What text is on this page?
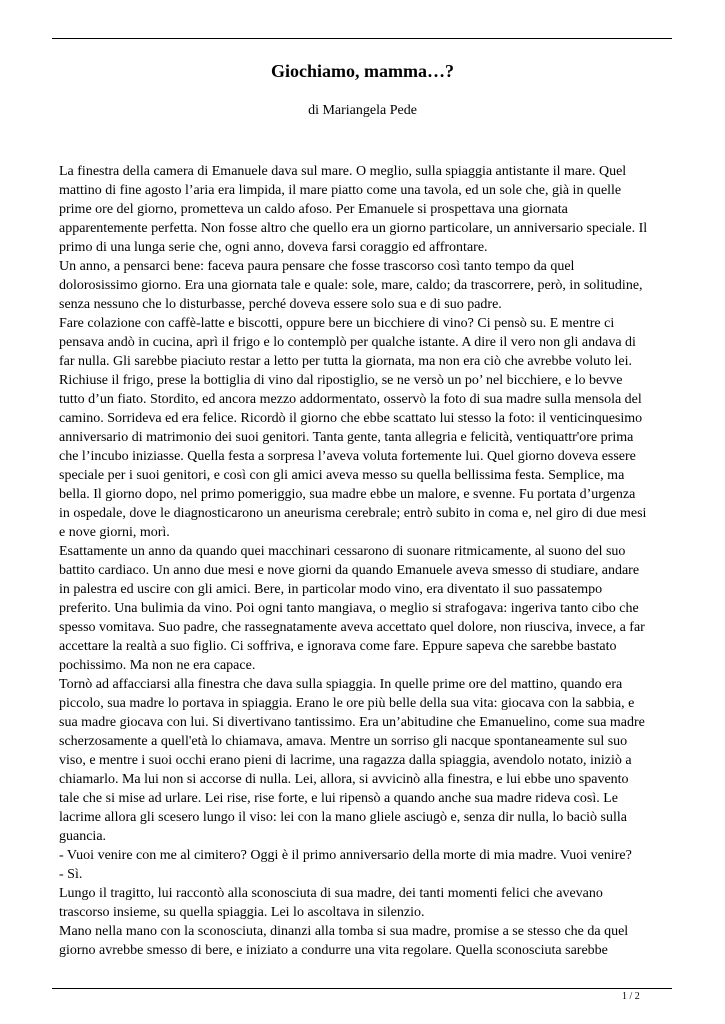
Giochiamo, mamma…?

di Mariangela Pede

La finestra della camera di Emanuele dava sul mare. O meglio, sulla spiaggia antistante il mare. Quel
mattino di fine agosto l’aria era limpida, il mare piatto come una tavola, ed un sole che, già in quelle
prime ore del giorno, prometteva un caldo afoso. Per Emanuele si prospettava una giornata
apparentemente perfetta. Non fosse altro che quello era un giorno particolare, un anniversario speciale. Il
primo di una lunga serie che, ogni anno, doveva farsi coraggio ed affrontare.
Un anno, a pensarci bene: faceva paura pensare che fosse trascorso così tanto tempo da quel
dolorosissimo giorno. Era una giornata tale e quale: sole, mare, caldo; da trascorrere, però, in solitudine,
senza nessuno che lo disturbasse, perché doveva essere solo sua e di suo padre.
Fare colazione con caffè-latte e biscotti, oppure bere un bicchiere di vino? Ci pensò su. E mentre ci
pensava andò in cucina, aprì il frigo e lo contemplò per qualche istante. A dire il vero non gli andava di
far nulla. Gli sarebbe piaciuto restar a letto per tutta la giornata, ma non era ciò che avrebbe voluto lei.
Richiuse il frigo, prese la bottiglia di vino dal ripostiglio, se ne versò un po’ nel bicchiere, e lo bevve
tutto d’un fiato. Stordito, ed ancora mezzo addormentato, osservò la foto di sua madre sulla mensola del
camino. Sorrideva ed era felice. Ricordò il giorno che ebbe scattato lui stesso la foto: il venticinquesimo
anniversario di matrimonio dei suoi genitori. Tanta gente, tanta allegria e felicità, ventiquattr'ore prima
che l’incubo iniziasse. Quella festa a sorpresa l’aveva voluta fortemente lui. Quel giorno doveva essere
speciale per i suoi genitori, e così con gli amici aveva messo su quella bellissima festa. Semplice, ma
bella. Il giorno dopo, nel primo pomeriggio, sua madre ebbe un malore, e svenne. Fu portata d’urgenza
in ospedale, dove le diagnosticarono un aneurisma cerebrale; entrò subito in coma e, nel giro di due mesi
e nove giorni, morì.
Esattamente un anno da quando quei macchinari cessarono di suonare ritmicamente, al suono del suo
battito cardiaco. Un anno due mesi e nove giorni da quando Emanuele aveva smesso di studiare, andare
in palestra ed uscire con gli amici. Bere, in particolar modo vino, era diventato il suo passatempo
preferito. Una bulimia da vino. Poi ogni tanto mangiava, o meglio si strafogava: ingeriva tanto cibo che
spesso vomitava. Suo padre, che rassegnatamente aveva accettato quel dolore, non riusciva, invece, a far
accettare la realtà a suo figlio. Ci soffriva, e ignorava come fare. Eppure sapeva che sarebbe bastato
pochissimo. Ma non ne era capace.
Tornò ad affacciarsi alla finestra che dava sulla spiaggia. In quelle prime ore del mattino, quando era
piccolo, sua madre lo portava in spiaggia. Erano le ore più belle della sua vita: giocava con la sabbia, e
sua madre giocava con lui. Si divertivano tantissimo. Era un’abitudine che Emanuelino, come sua madre
scherzosamente a quell'età lo chiamava, amava. Mentre un sorriso gli nacque spontaneamente sul suo
viso, e mentre i suoi occhi erano pieni di lacrime, una ragazza dalla spiaggia, avendolo notato, iniziò a
chiamarlo. Ma lui non si accorse di nulla. Lei, allora, si avvicinò alla finestra, e lui ebbe uno spavento
tale che si mise ad urlare. Lei rise, rise forte, e lui ripensò a quando anche sua madre rideva così. Le
lacrime allora gli scesero lungo il viso: lei con la mano gliele asciugò e, senza dir nulla, lo baciò sulla
guancia.
- Vuoi venire con me al cimitero? Oggi è il primo anniversario della morte di mia madre. Vuoi venire?
- Sì.
Lungo il tragitto, lui raccontò alla sconosciuta di sua madre, dei tanti momenti felici che avevano
trascorso insieme, su quella spiaggia. Lei lo ascoltava in silenzio.
Mano nella mano con la sconosciuta, dinanzi alla tomba si sua madre, promise a se stesso che da quel
giorno avrebbe smesso di bere, e iniziato a condurre una vita regolare. Quella sconosciuta sarebbe
1 / 2
